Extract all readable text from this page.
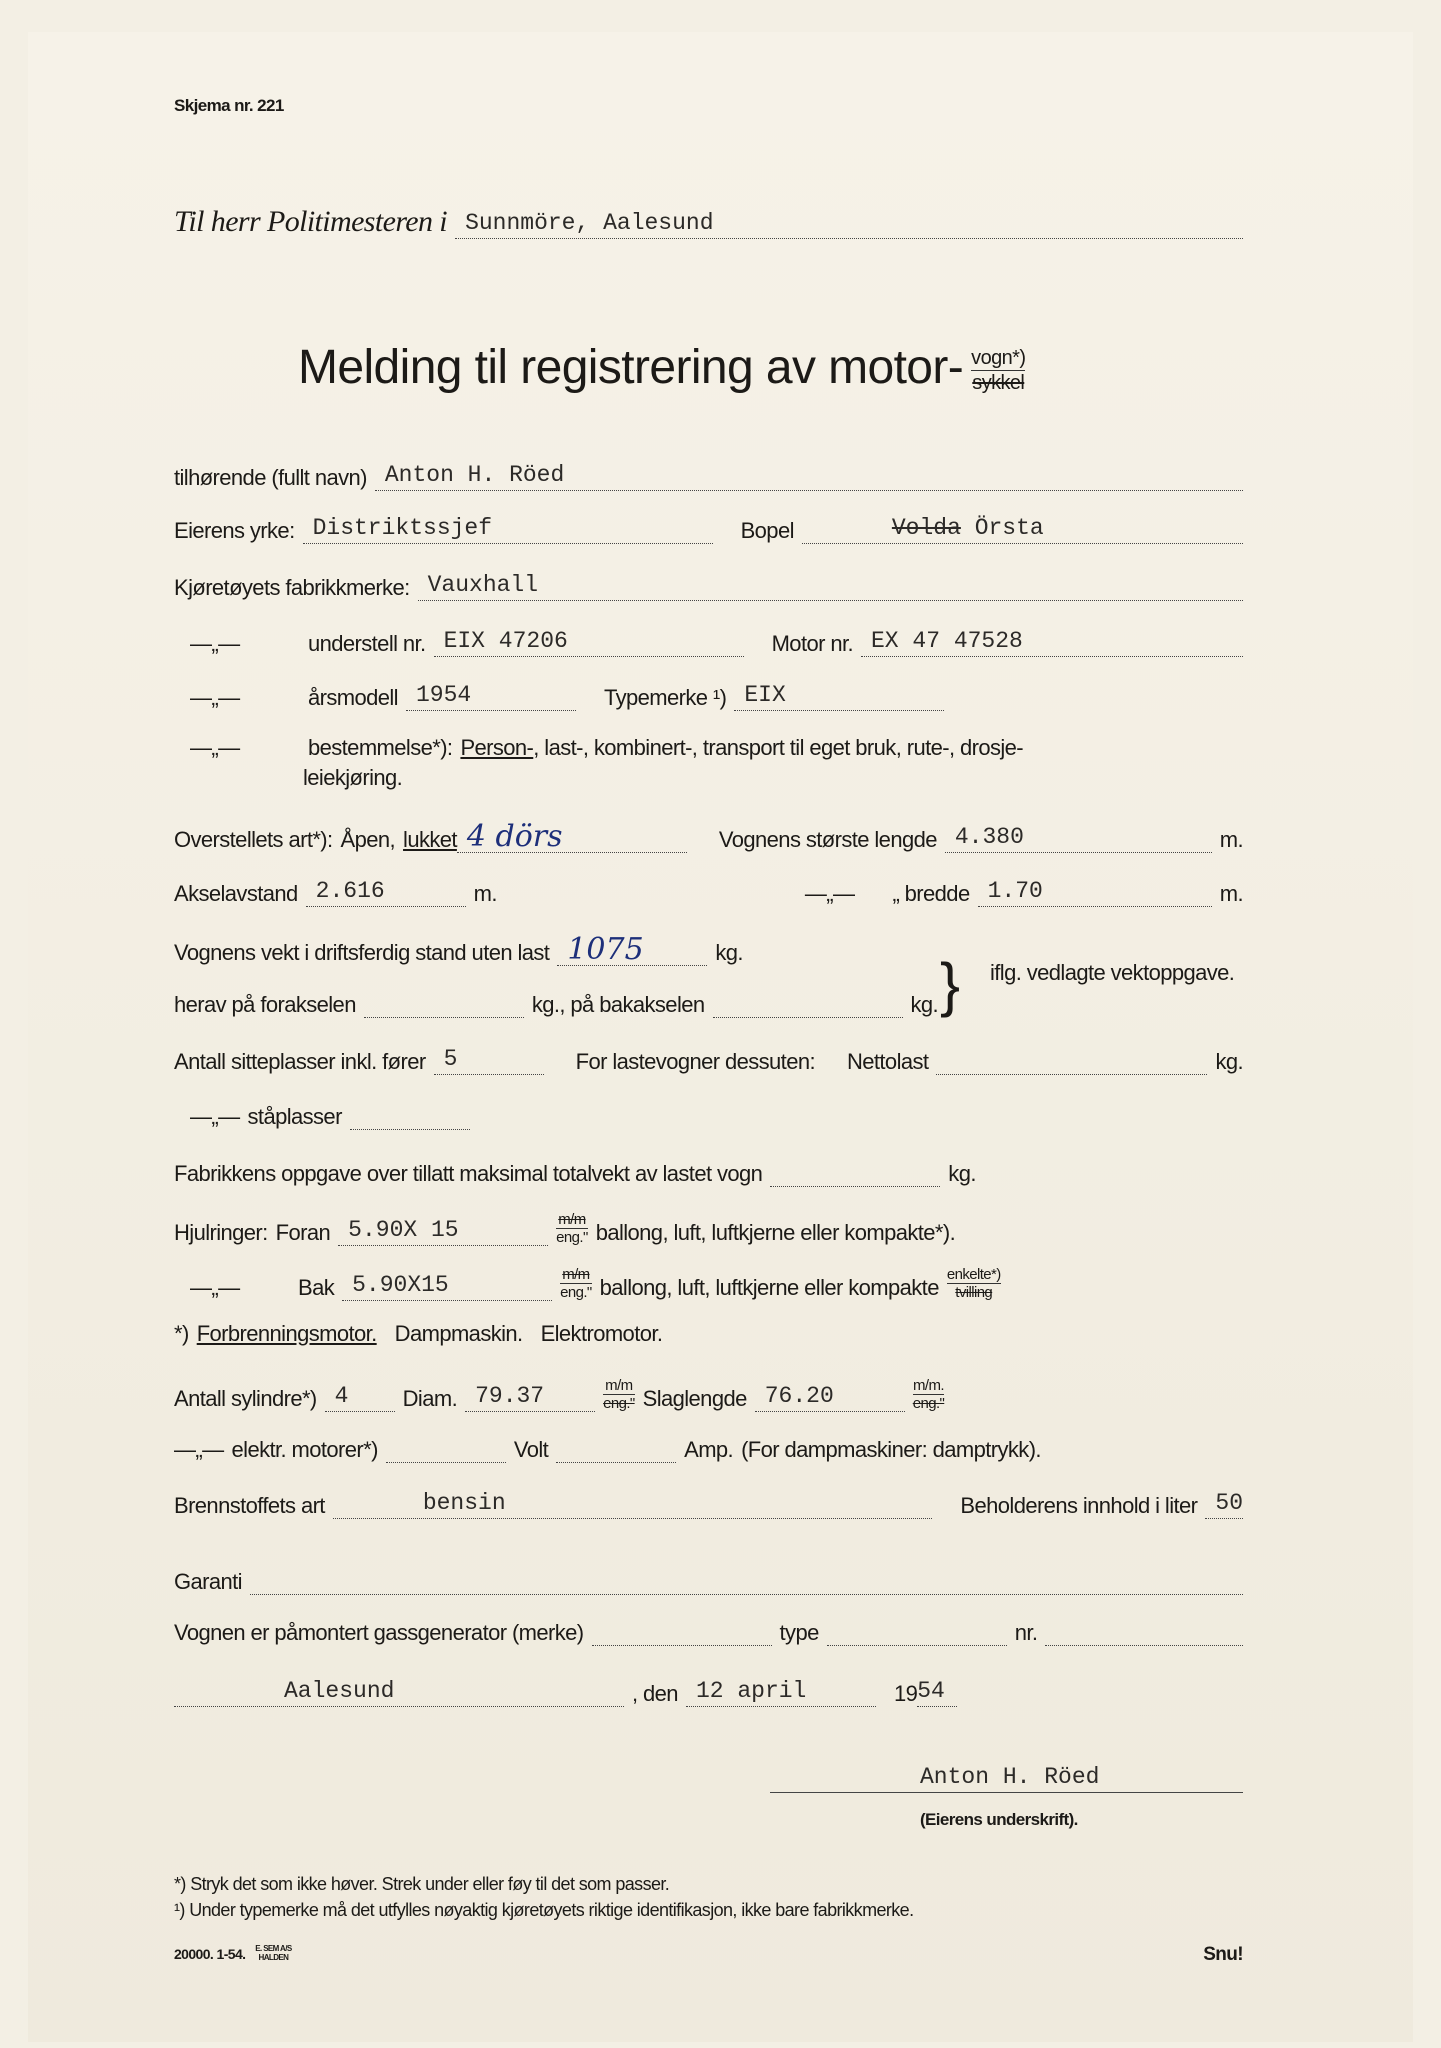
Skjema nr. 221
Til herr Politimesteren i Sunnmöre, Aalesund
Melding til registrering av motor- $\frac{\text{vogn*)}}{\text{sykkel}}$
tilhørende (fullt navn) Anton H. Röed
Eierens yrke: Distriktssjef	Bopel	Volda Örsta
Kjøretøyets fabrikkmerke: Vauxhall
—„—	understell nr. EIX 47206	Motor nr. EX 47 47528
—„—	årsmodell 1954	Typemerke ¹) EIX
—„—	bestemmelse*): Person- , last-, kombinert-, transport til eget bruk, rute-, drosje-
leiekjøring.
Overstellets art*): Åpen, lukket 4 dörs	Vognens største lengde 4.380	m.
Akselavstand 2.616	m.	—„— „ bredde 1.70	m.
Vognens vekt i driftsferdig stand uten last 1075	kg.
herav på forakselen	kg., på bakakselen	kg. } iflg. vedlagte vektoppgave.
Antall sitteplasser inkl. fører 5	For lastevogner dessuten: Nettolast	kg.
—„— ståplasser
Fabrikkens oppgave over tillatt maksimal totalvekt av lastet vogn	kg.
Hjulringer: Foran 5.90X 15	$\frac{m/m}{\text{eng."}}$ ballong, luft, luftkjerne eller kompakte*).
—„—	Bak 5.90X15	$\frac{m/m}{\text{eng."}}$ ballong, luft, luftkjerne eller kompakte $\frac{\text{enkelte*)}}{\text{tvilling}}$
*) Forbrenningsmotor. Dampmaskin. Elektromotor.
Antall sylindre*) 4	Diam. 79.37	$\frac{m/m}{\text{eng."}}$ Slaglengde 76.20	$\frac{m/m.}{\text{eng."}}$
—„— elektr. motorer*)	Volt	Amp. (For dampmaskiner: damptrykk).
Brennstoffets art	bensin	Beholderens innhold i liter 50
Garanti
Vognen er påmontert gassgenerator (merke)	type	nr.
Aalesund	, den 12 april	19 54
Anton H. Röed
(Eierens underskrift).
*) Stryk det som ikke høver. Strek under eller føy til det som passer.
¹) Under typemerke må det utfylles nøyaktig kjøretøyets riktige identifikasjon, ikke bare fabrikkmerke.
20000. 1-54. E. SEM A/S HALDEN	Snu!
